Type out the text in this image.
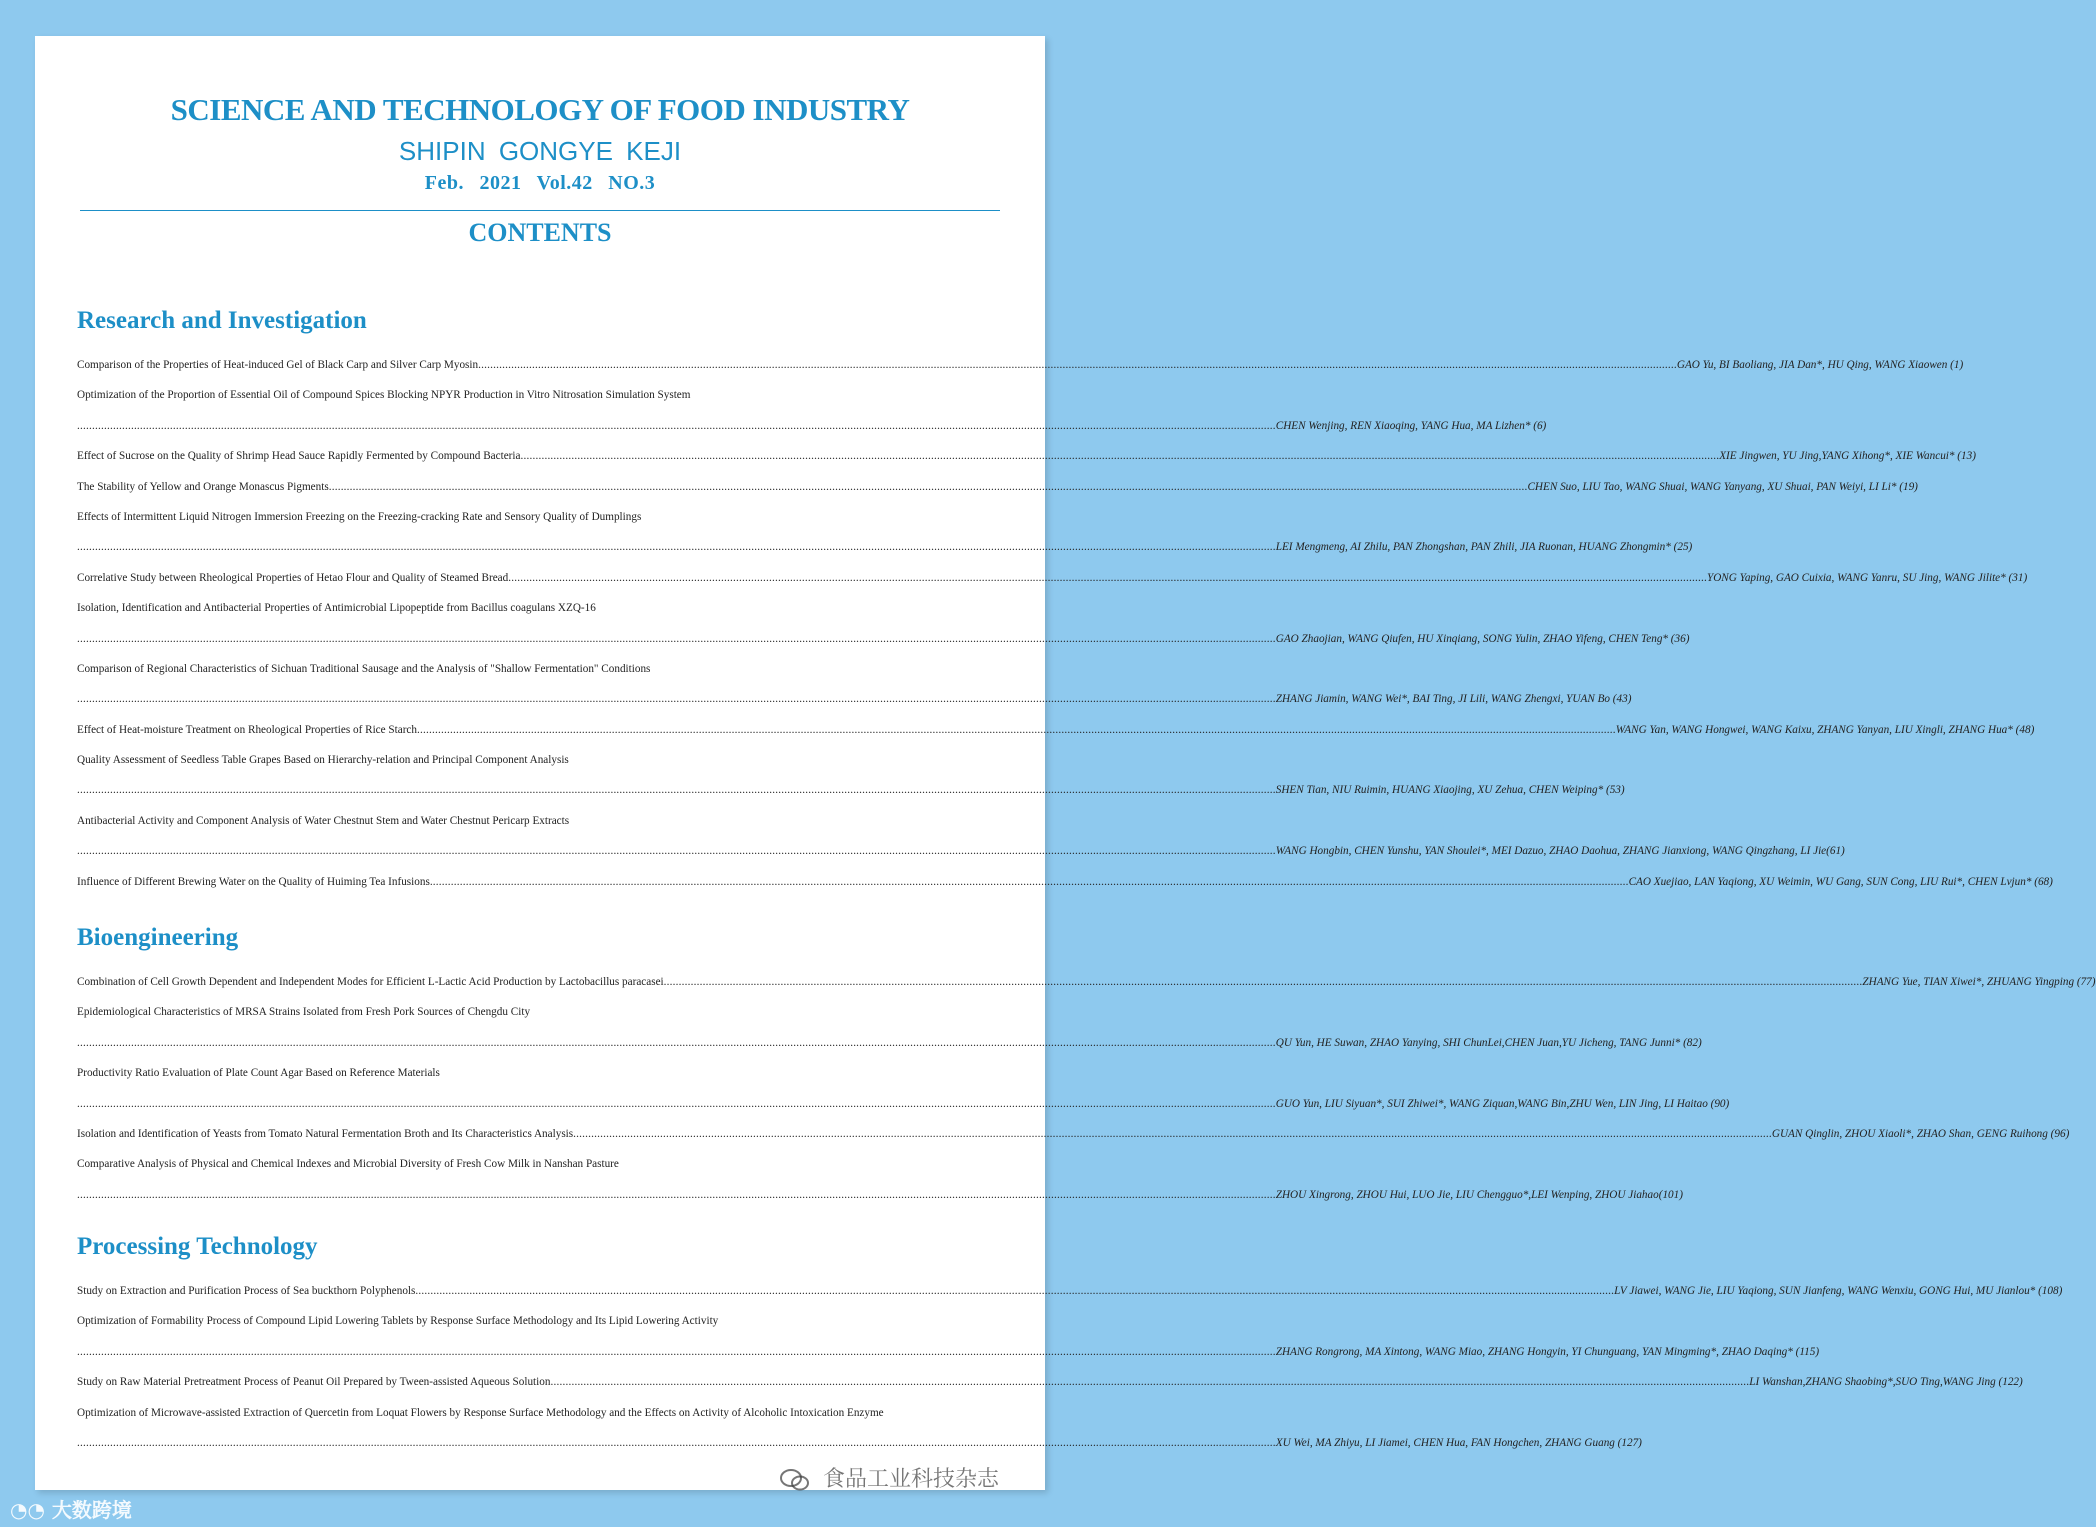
SCIENCE AND TECHNOLOGY OF FOOD INDUSTRY
SHIPIN GONGYE KEJI
Feb. 2021 Vol.42 NO.3
CONTENTS
Research and Investigation
Comparison of the Properties of Heat-induced Gel of Black Carp and Silver Carp Myosin ................................................................................................................................................................................................................................................................................................................................................................................................................ GAO Yu, BI Baoliang, JIA Dan*, HU Qing, WANG Xiaowen (1)
Optimization of the Proportion of Essential Oil of Compound Spices Blocking NPYR Production in Vitro Nitrosation Simulation System
................................................................................................................................................................................................................................................................................................................................................................................................................ CHEN Wenjing, REN Xiaoqing, YANG Hua, MA Lizhen* (6)
Effect of Sucrose on the Quality of Shrimp Head Sauce Rapidly Fermented by Compound Bacteria ................................................................................................................................................................................................................................................................................................................................................................................................................ XIE Jingwen, YU Jing,YANG Xihong*, XIE Wancui* (13)
The Stability of Yellow and Orange Monascus Pigments ................................................................................................................................................................................................................................................................................................................................................................................................................ CHEN Suo, LIU Tao, WANG Shuai, WANG Yanyang, XU Shuai, PAN Weiyi, LI Li* (19)
Effects of Intermittent Liquid Nitrogen Immersion Freezing on the Freezing-cracking Rate and Sensory Quality of Dumplings
................................................................................................................................................................................................................................................................................................................................................................................................................ LEI Mengmeng, AI Zhilu, PAN Zhongshan, PAN Zhili, JIA Ruonan, HUANG Zhongmin* (25)
Correlative Study between Rheological Properties of Hetao Flour and Quality of Steamed Bread ................................................................................................................................................................................................................................................................................................................................................................................................................ YONG Yaping, GAO Cuixia, WANG Yanru, SU Jing, WANG Jilite* (31)
Isolation, Identification and Antibacterial Properties of Antimicrobial Lipopeptide from Bacillus coagulans XZQ-16
................................................................................................................................................................................................................................................................................................................................................................................................................ GAO Zhaojian, WANG Qiufen, HU Xinqiang, SONG Yulin, ZHAO Yifeng, CHEN Teng* (36)
Comparison of Regional Characteristics of Sichuan Traditional Sausage and the Analysis of "Shallow Fermentation" Conditions
................................................................................................................................................................................................................................................................................................................................................................................................................ ZHANG Jiamin, WANG Wei*, BAI Ting, JI Lili, WANG Zhengxi, YUAN Bo (43)
Effect of Heat-moisture Treatment on Rheological Properties of Rice Starch ................................................................................................................................................................................................................................................................................................................................................................................................................ WANG Yan, WANG Hongwei, WANG Kaixu, ZHANG Yanyan, LIU Xingli, ZHANG Hua* (48)
Quality Assessment of Seedless Table Grapes Based on Hierarchy-relation and Principal Component Analysis
................................................................................................................................................................................................................................................................................................................................................................................................................ SHEN Tian, NIU Ruimin, HUANG Xiaojing, XU Zehua, CHEN Weiping* (53)
Antibacterial Activity and Component Analysis of Water Chestnut Stem and Water Chestnut Pericarp Extracts
................................................................................................................................................................................................................................................................................................................................................................................................................ WANG Hongbin, CHEN Yunshu, YAN Shoulei*, MEI Dazuo, ZHAO Daohua, ZHANG Jianxiong, WANG Qingzhang, LI Jie(61)
Influence of Different Brewing Water on the Quality of Huiming Tea Infusions ................................................................................................................................................................................................................................................................................................................................................................................................................ CAO Xuejiao, LAN Yaqiong, XU Weimin, WU Gang, SUN Cong, LIU Rui*, CHEN Lvjun* (68)
Bioengineering
Combination of Cell Growth Dependent and Independent Modes for Efficient L-Lactic Acid Production by Lactobacillus paracasei ................................................................................................................................................................................................................................................................................................................................................................................................................ ZHANG Yue, TIAN Xiwei*, ZHUANG Yingping (77)
Epidemiological Characteristics of MRSA Strains Isolated from Fresh Pork Sources of Chengdu City
................................................................................................................................................................................................................................................................................................................................................................................................................ QU Yun, HE Suwan, ZHAO Yanying, SHI ChunLei,CHEN Juan,YU Jicheng, TANG Junni* (82)
Productivity Ratio Evaluation of Plate Count Agar Based on Reference Materials
................................................................................................................................................................................................................................................................................................................................................................................................................ GUO Yun, LIU Siyuan*, SUI Zhiwei*, WANG Ziquan,WANG Bin,ZHU Wen, LIN Jing, LI Haitao (90)
Isolation and Identification of Yeasts from Tomato Natural Fermentation Broth and Its Characteristics Analysis ................................................................................................................................................................................................................................................................................................................................................................................................................ GUAN Qinglin, ZHOU Xiaoli*, ZHAO Shan, GENG Ruihong (96)
Comparative Analysis of Physical and Chemical Indexes and Microbial Diversity of Fresh Cow Milk in Nanshan Pasture
................................................................................................................................................................................................................................................................................................................................................................................................................ ZHOU Xingrong, ZHOU Hui, LUO Jie, LIU Chengguo*,LEI Wenping, ZHOU Jiahao(101)
Processing Technology
Study on Extraction and Purification Process of Sea buckthorn Polyphenols ................................................................................................................................................................................................................................................................................................................................................................................................................ LV Jiawei, WANG Jie, LIU Yaqiong, SUN Jianfeng, WANG Wenxiu, GONG Hui, MU Jianlou* (108)
Optimization of Formability Process of Compound Lipid Lowering Tablets by Response Surface Methodology and Its Lipid Lowering Activity
................................................................................................................................................................................................................................................................................................................................................................................................................ ZHANG Rongrong, MA Xintong, WANG Miao, ZHANG Hongyin, YI Chunguang, YAN Mingming*, ZHAO Daqing* (115)
Study on Raw Material Pretreatment Process of Peanut Oil Prepared by Tween-assisted Aqueous Solution ................................................................................................................................................................................................................................................................................................................................................................................................................ LI Wanshan,ZHANG Shaobing*,SUO Ting,WANG Jing (122)
Optimization of Microwave-assisted Extraction of Quercetin from Loquat Flowers by Response Surface Methodology and the Effects on Activity of Alcoholic Intoxication Enzyme
................................................................................................................................................................................................................................................................................................................................................................................................................ XU Wei, MA Zhiyu, LI Jiamei, CHEN Hua, FAN Hongchen, ZHANG Guang (127)
◔◔ 大数跨境
食品工业科技杂志
